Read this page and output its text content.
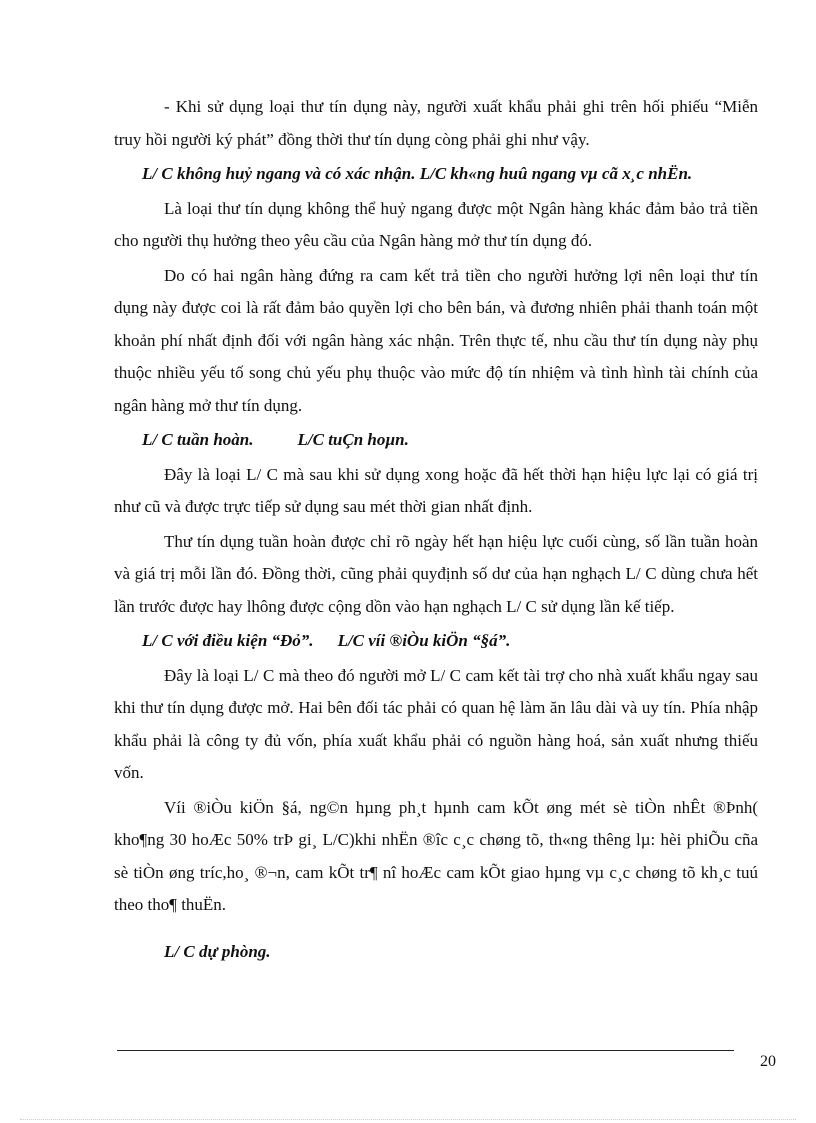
- Khi sử dụng loại thư tín dụng này, người xuất khẩu phải ghi trên hối phiếu “Miễn truy hồi người ký phát” đồng thời thư tín dụng còng phải ghi như vậy.

L/ C không huỷ ngang và có xác nhận. L/C kh«ng huû ngang vµ cã x¸c nhËn.

Là loại thư tín dụng không thể huỷ ngang được một Ngân hàng khác đảm bảo trả tiền cho người thụ hưởng theo yêu cầu của Ngân hàng mở thư tín dụng đó.

Do có hai ngân hàng đứng ra cam kết trả tiền cho người hưởng lợi nên loại thư tín dụng này được coi là rất đảm bảo quyền lợi cho bên bán, và đương nhiên phải thanh toán một khoản phí nhất định đối với ngân hàng xác nhận. Trên thực tế, nhu cầu thư tín dụng này phụ thuộc nhiều yếu tố song chủ yếu phụ thuộc vào mức độ tín nhiệm và tình hình tài chính của ngân hàng mở thư tín dụng.

L/ C tuần hoàn.	L/C tuÇn hoµn.

Đây là loại L/ C mà sau khi sử dụng xong hoặc đã hết thời hạn hiệu lực lại có giá trị như cũ và được trực tiếp sử dụng sau mét thời gian nhất định.

Thư tín dụng tuần hoàn được chỉ rõ ngày hết hạn hiệu lực cuối cùng, số lần tuần hoàn và giá trị mỗi lần đó. Đồng thời, cũng phải quyđịnh số dư của hạn nghạch L/ C dùng chưa hết lần trước được hay lhông được cộng dồn vào hạn nghạch L/ C sử dụng lần kế tiếp.

L/ C với điều kiện “Đỏ”. L/C víi ®iÒu kiÖn “§á”.

Đây là loại L/ C mà theo đó người mở L/ C cam kết tài trợ cho nhà xuất khẩu ngay sau khi thư tín dụng được mở. Hai bên đối tác phải có quan hệ làm ăn lâu dài và uy tín. Phía nhập khẩu phải là công ty đủ vốn, phía xuất khẩu phải có nguồn hàng hoá, sản xuất nhưng thiếu vốn.

Víi ®iÒu kiÖn §á, ng©n hµng ph¸t hµnh cam kÕt øng mét sè tiÒn nhÊt ®Þnh( kho¶ng 30 hoÆc 50% trÞ gi¸ L/C)khi nhËn ®îc c¸c chøng tõ, th«ng thêng lµ: hèi phiÕu cña sè tiÒn øng tríc,ho¸ ®¬n, cam kÕt tr¶ nî hoÆc cam kÕt giao hµng vµ c¸c chøng tõ kh¸c tuú theo tho¶ thuËn.

L/ C dự phòng.
20
